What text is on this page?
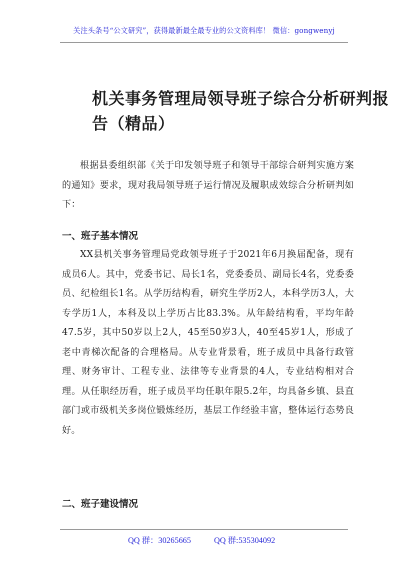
关注头条号“公文研究”，获得最新最全最专业的公文资料库！ 微信：gongwenyj
机关事务管理局领导班子综合分析研判报告（精品）
根据县委组织部《关于印发领导班子和领导干部综合研判实施方案的通知》要求，现对我局领导班子运行情况及履职成效综合分析研判如下：
一、班子基本情况
XX县机关事务管理局党政领导班子于2021年6月换届配备，现有成员6人。其中，党委书记、局长1名，党委委员、副局长4名，党委委员、纪检组长1名。从学历结构看，研究生学历2人，本科学历3人，大专学历1人，本科及以上学历占比83.3%。从年龄结构看，平均年龄47.5岁，其中50岁以上2人，45至50岁3人，40至45岁1人，形成了老中青梯次配备的合理格局。从专业背景看，班子成员中具备行政管理、财务审计、工程专业、法律等专业背景的4人，专业结构相对合理。从任职经历看，班子成员平均任职年限5.2年，均具备乡镇、县直部门或市级机关多岗位锻炼经历，基层工作经验丰富，整体运行态势良好。
二、班子建设情况
QQ 群：30265665	QQ 群:535304092
